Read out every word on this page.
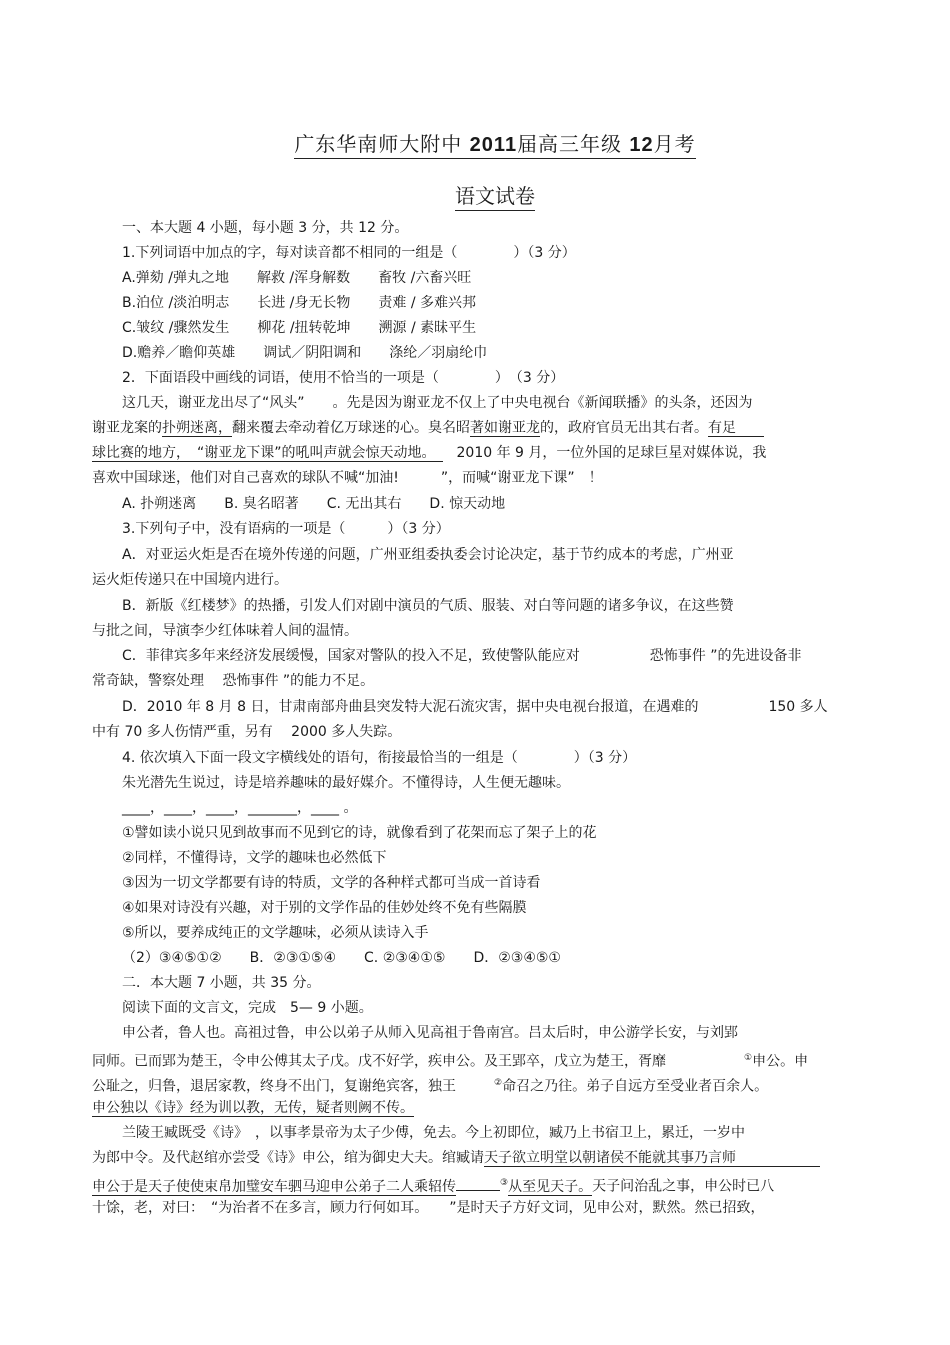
广东华南师大附中 2011届高三年级 12月考
语文试卷
一、本大题 4 小题，每小题 3 分，共 12 分。
1.下列词语中加点的字，每对读音都不相同的一组是（　　　　）（3 分）
A.弹劾 /弹丸之地　　解救 /浑身解数　　畜牧 /六畜兴旺
B.泊位 /淡泊明志　　长进 /身无长物　　责难 / 多难兴邦
C.皱纹 /骤然发生　　柳花 /扭转乾坤　　溯源 / 素昧平生
D.赡养／瞻仰英雄　　调试／阴阳调和　　涤纶／羽扇纶巾
2．下面语段中画线的词语，使用不恰当的一项是（　　　　）　（3 分）
这几天，谢亚龙出尽了“风头”　　。先是因为谢亚龙不仅上了中央电视台《新闻联播》的头条，还因为
谢亚龙案的扑朔迷离，翻来覆去牵动着亿万球迷的心。臭名昭著如谢亚龙的，政府官员无出其右者。有足　　
球比赛的地方，　“谢亚龙下课”的吼叫声就会惊天动地。　　2010 年 9 月，一位外国的足球巨星对媒体说，我
喜欢中国球迷，他们对自己喜欢的球队不喊“加油!　　　”，而喊“谢亚龙下课”　！
A. 扑朔迷离　　B. 臭名昭著　　C. 无出其右　　D. 惊天动地
3.下列句子中，没有语病的一项是（　　　）（3 分）
A．对亚运火炬是否在境外传递的问题，广州亚组委执委会讨论决定，基于节约成本的考虑，广州亚
运火炬传递只在中国境内进行。
B．新版《红楼梦》的热播，引发人们对剧中演员的气质、服装、对白等问题的诸多争议，在这些赞
与批之间，导演李少红体味着人间的温情。
C．菲律宾多年来经济发展缓慢，国家对警队的投入不足，致使警队能应对　　　　　恐怖事件 ”的先进设备非
常奇缺，警察处理　 恐怖事件 ”的能力不足。
D．2010 年 8 月 8 日，甘肃南部舟曲县突发特大泥石流灾害，据中央电视台报道，在遇难的　　　　　150 多人
中有 70 多人伤情严重，另有　 2000 多人失踪。
4. 依次填入下面一段文字横线处的语句，衔接最恰当的一组是（　　　　）（3 分）
朱光潜先生说过，诗是培养趣味的最好媒介。不懂得诗，人生便无趣味。
____，____，____，_______，____ 。
①譬如读小说只见到故事而不见到它的诗，就像看到了花架而忘了架子上的花
②同样，不懂得诗，文学的趣味也必然低下
③因为一切文学都要有诗的特质，文学的各种样式都可当成一首诗看
④如果对诗没有兴趣，对于别的文学作品的佳妙处终不免有些隔膜
⑤所以，要养成纯正的文学趣味，必须从读诗入手
（2）③④⑤①②　　B．②③①⑤④　　C. ②③④①⑤　　D．②③④⑤①
二．本大题 7 小题，共 35 分。
阅读下面的文言文，完成　5— 9 小题。
申公者，鲁人也。高祖过鲁，申公以弟子从师入见高祖于鲁南宫。吕太后时，申公游学长安，与刘郢
同师。已而郢为楚王，令申公傅其太子戊。戊不好学，疾申公。及王郢卒，戊立为楚王，胥靡	①申公。申
公耻之，归鲁，退居家教，终身不出门，复谢绝宾客，独王	②命召之乃往。弟子自远方至受业者百余人。
申公独以《诗》经为训以教，无传，疑者则阙不传。
兰陵王臧既受《诗》　，以事孝景帝为太子少傅，免去。今上初即位，臧乃上书宿卫上，累迁，一岁中
为郎中令。及代赵绾亦尝受《诗》申公，绾为御史大夫。绾臧请天子欲立明堂以朝诸侯不能就其事乃言师　　　　　　
申公于是天子使使束帛加璧安车驷马迎申公弟子二人乘轺传	③从至见天子。天子问治乱之事，申公时已八
十馀，老，对曰：　“为治者不在多言，顾力行何如耳。　　”是时天子方好文词，见申公对，默然。然已招致，
